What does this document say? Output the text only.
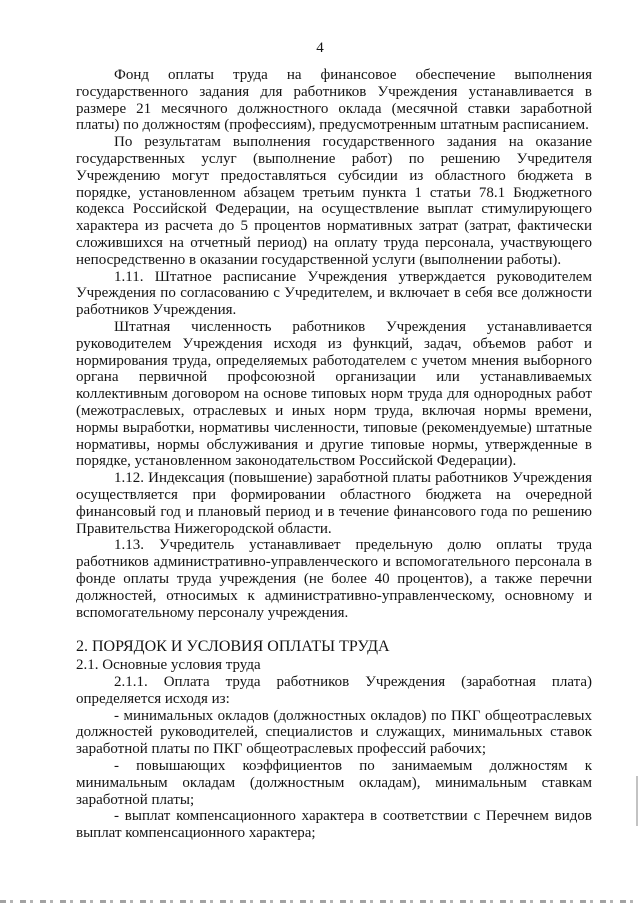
4

Фонд оплаты труда на финансовое обеспечение выполнения государственного задания для работников Учреждения устанавливается в размере 21 месячного должностного оклада (месячной ставки заработной платы) по должностям (профессиям), предусмотренным штатным расписанием.

По результатам выполнения государственного задания на оказание государственных услуг (выполнение работ) по решению Учредителя Учреждению могут предоставляться субсидии из областного бюджета в порядке, установленном абзацем третьим пункта 1 статьи 78.1 Бюджетного кодекса Российской Федерации, на осуществление выплат стимулирующего характера из расчета до 5 процентов нормативных затрат (затрат, фактически сложившихся на отчетный период) на оплату труда персонала, участвующего непосредственно в оказании государственной услуги (выполнении работы).

1.11. Штатное расписание Учреждения утверждается руководителем Учреждения по согласованию с Учредителем, и включает в себя все должности работников Учреждения.

Штатная численность работников Учреждения устанавливается руководителем Учреждения исходя из функций, задач, объемов работ и нормирования труда, определяемых работодателем с учетом мнения выборного органа первичной профсоюзной организации или устанавливаемых коллективным договором на основе типовых норм труда для однородных работ (межотраслевых, отраслевых и иных норм труда, включая нормы времени, нормы выработки, нормативы численности, типовые (рекомендуемые) штатные нормативы, нормы обслуживания и другие типовые нормы, утвержденные в порядке, установленном законодательством Российской Федерации).

1.12. Индексация (повышение) заработной платы работников Учреждения осуществляется при формировании областного бюджета на очередной финансовый год и плановый период и в течение финансового года по решению Правительства Нижегородской области.

1.13. Учредитель устанавливает предельную долю оплаты труда работников административно-управленческого и вспомогательного персонала в фонде оплаты труда учреждения (не более 40 процентов), а также перечни должностей, относимых к административно-управленческому, основному и вспомогательному персоналу учреждения.

2. ПОРЯДОК И УСЛОВИЯ ОПЛАТЫ ТРУДА

2.1. Основные условия труда

2.1.1. Оплата труда работников Учреждения (заработная плата) определяется исходя из:

- минимальных окладов (должностных окладов) по ПКГ общеотраслевых должностей руководителей, специалистов и служащих, минимальных ставок заработной платы по ПКГ общеотраслевых профессий рабочих;

- повышающих коэффициентов по занимаемым должностям к минимальным окладам (должностным окладам), минимальным ставкам заработной платы;

- выплат компенсационного характера в соответствии с Перечнем видов выплат компенсационного характера;
